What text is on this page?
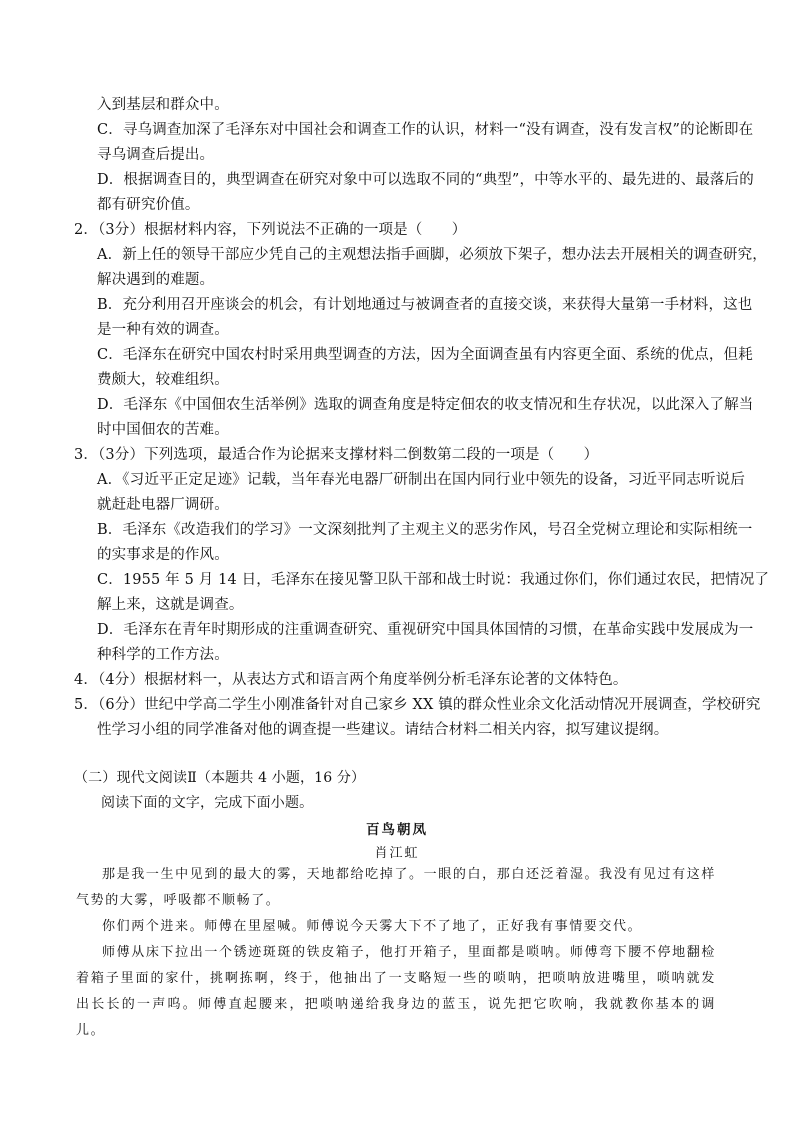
入到基层和群众中。
C．寻乌调查加深了毛泽东对中国社会和调查工作的认识，材料一“没有调查，没有发言权”的论断即在
寻乌调查后提出。
D．根据调查目的，典型调查在研究对象中可以选取不同的“典型”，中等水平的、最先进的、最落后的
都有研究价值。
2．（3分）根据材料内容，下列说法不正确的一项是（　　）
A．新上任的领导干部应少凭自己的主观想法指手画脚，必须放下架子，想办法去开展相关的调查研究，
解决遇到的难题。
B．充分利用召开座谈会的机会，有计划地通过与被调查者的直接交谈，来获得大量第一手材料，这也
是一种有效的调查。
C．毛泽东在研究中国农村时采用典型调查的方法，因为全面调查虽有内容更全面、系统的优点，但耗
费颇大，较难组织。
D．毛泽东《中国佃农生活举例》选取的调查角度是特定佃农的收支情况和生存状况，以此深入了解当
时中国佃农的苦难。
3．（3分）下列选项，最适合作为论据来支撑材料二倒数第二段的一项是（　　）
A．《习近平正定足迹》记载，当年春光电器厂研制出在国内同行业中领先的设备，习近平同志听说后
就赶赴电器厂调研。
B．毛泽东《改造我们的学习》一文深刻批判了主观主义的恶劣作风，号召全党树立理论和实际相统一
的实事求是的作风。
C．1955 年 5 月 14 日，毛泽东在接见警卫队干部和战士时说：我通过你们，你们通过农民，把情况了
解上来，这就是调查。
D．毛泽东在青年时期形成的注重调查研究、重视研究中国具体国情的习惯，在革命实践中发展成为一
种科学的工作方法。
4．（4分）根据材料一，从表达方式和语言两个角度举例分析毛泽东论著的文体特色。
5．（6分）世纪中学高二学生小刚准备针对自己家乡 XX 镇的群众性业余文化活动情况开展调查，学校研究
性学习小组的同学准备对他的调查提一些建议。请结合材料二相关内容，拟写建议提纲。
（二）现代文阅读Ⅱ（本题共 4 小题，16 分）
阅读下面的文字，完成下面小题。
百鸟朝凤
肖江虹

那是我一生中见到的最大的雾，天地都给吃掉了。一眼的白，那白还泛着湿。我没有见过有这样气势的大雾，呼吸都不顺畅了。

你们两个进来。师傅在里屋喊。师傅说今天雾大下不了地了，正好我有事情要交代。

师傅从床下拉出一个锈迹斑斑的铁皮箱子，他打开箱子，里面都是唢呐。师傅弯下腰不停地翻检着箱子里面的家什，挑啊拣啊，终于，他抽出了一支略短一些的唢呐，把唢呐放进嘴里，唢呐就发出长长的一声呜。师傅直起腰来，把唢呐递给我身边的蓝玉，说先把它吹响，我就教你基本的调儿。
